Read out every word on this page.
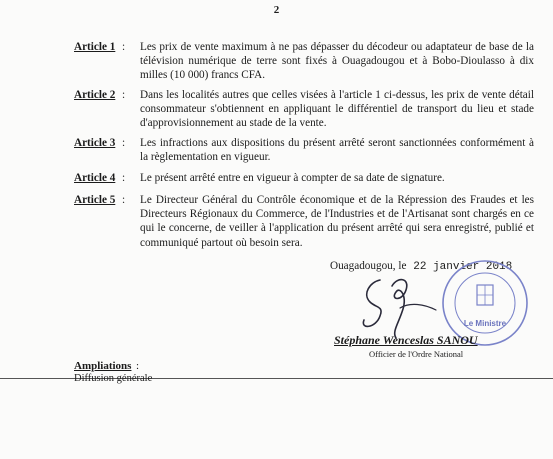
2
Article 1 : Les prix de vente maximum à ne pas dépasser du décodeur ou adaptateur de base de la télévision numérique de terre sont fixés à Ouagadougou et à Bobo-Dioulasso à dix milles (10 000) francs CFA.
Article 2 : Dans les localités autres que celles visées à l'article 1 ci-dessus, les prix de vente détail consommateur s'obtiennent en appliquant le différentiel de transport du lieu et stade d'approvisionnement au stade de la vente.
Article 3 : Les infractions aux dispositions du présent arrêté seront sanctionnées conformément à la règlementation en vigueur.
Article 4 : Le présent arrêté entre en vigueur à compter de sa date de signature.
Article 5 : Le Directeur Général du Contrôle économique et de la Répression des Fraudes et les Directeurs Régionaux du Commerce, de l'Industries et de l'Artisanat sont chargés en ce qui le concerne, de veiller à l'application du présent arrêté qui sera enregistré, publié et communiqué partout où besoin sera.
Ouagadougou, le 22 janvier 2018
Le Ministre
Stéphane Wenceslas SANOU
Officier de l'Ordre National
Ampliations :
Diffusion générale
